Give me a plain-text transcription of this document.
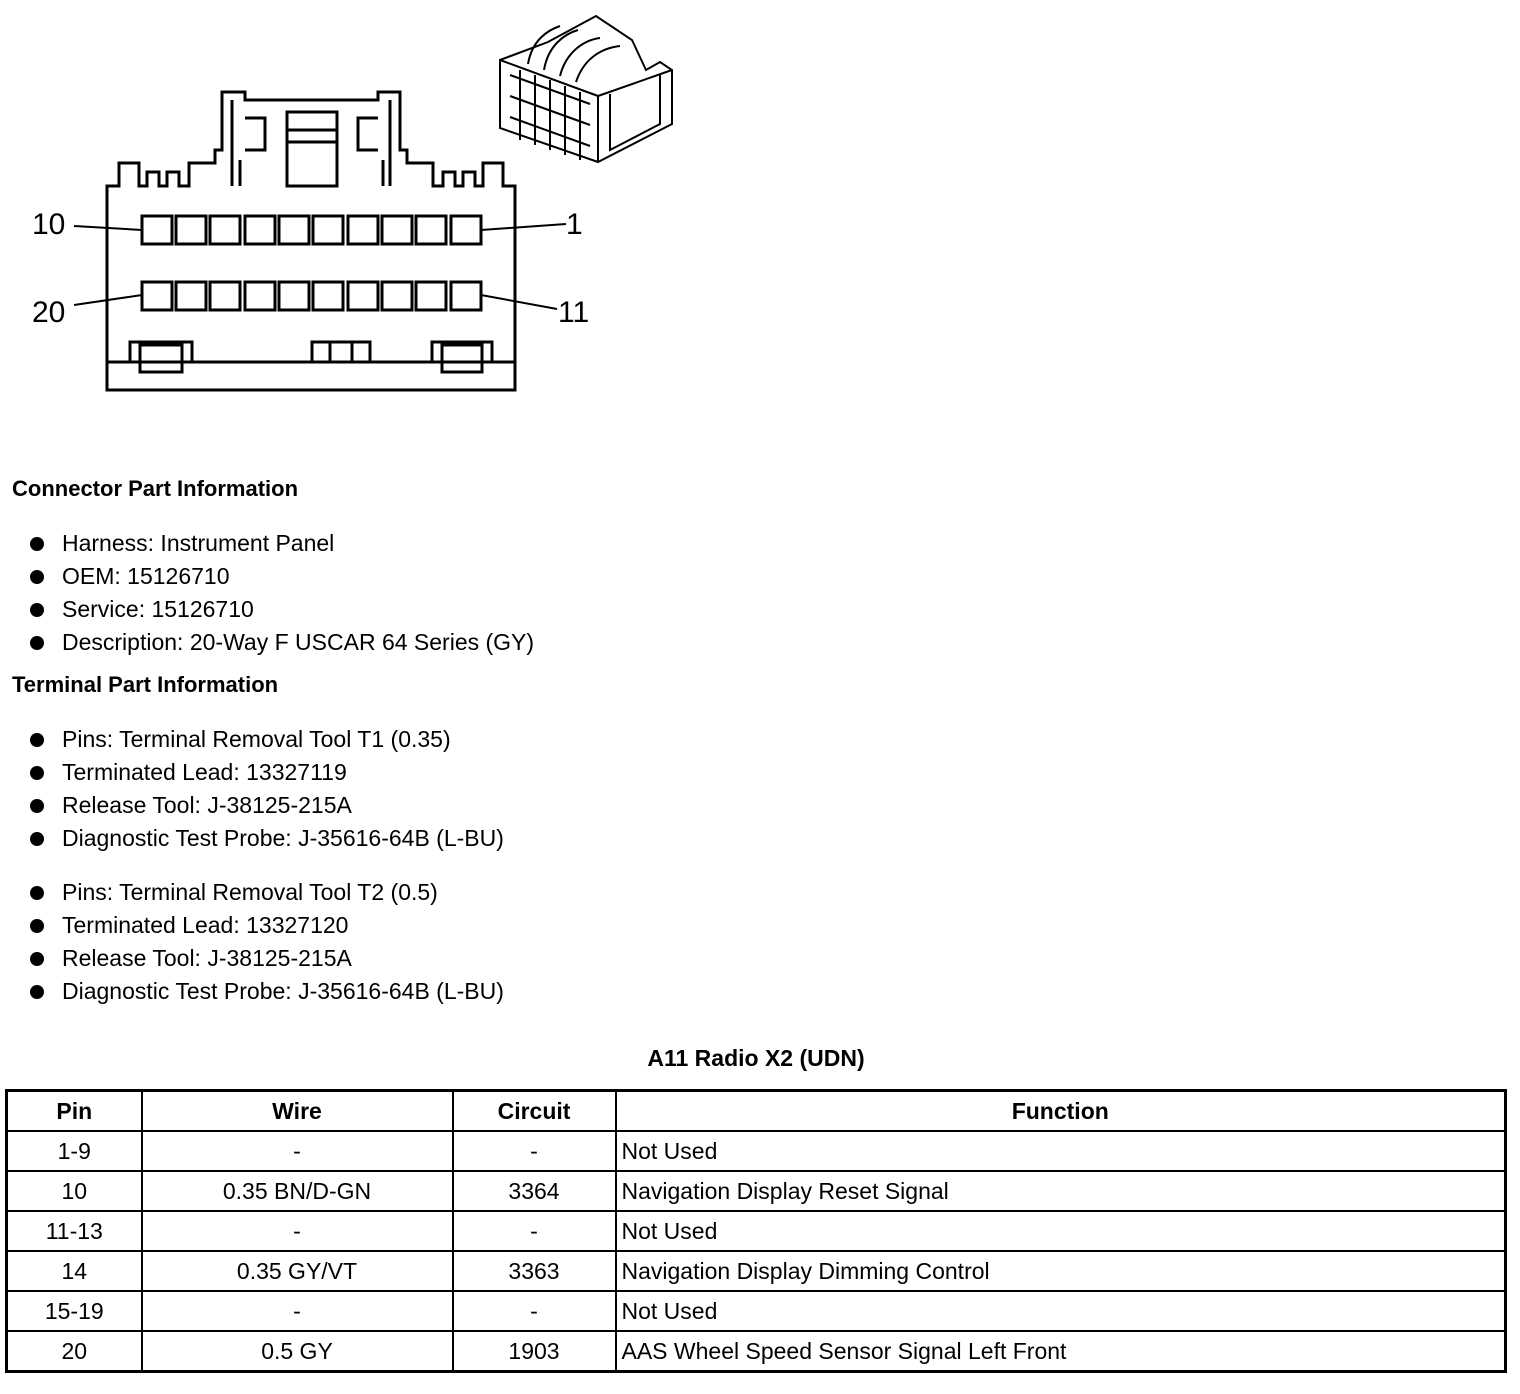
10	1
20	11
Connector Part Information
Harness: Instrument Panel
OEM: 15126710
Service: 15126710
Description: 20-Way F USCAR 64 Series (GY)
Terminal Part Information
Pins: Terminal Removal Tool T1 (0.35)
Terminated Lead: 13327119
Release Tool: J-38125-215A
Diagnostic Test Probe: J-35616-64B (L-BU)
Pins: Terminal Removal Tool T2 (0.5)
Terminated Lead: 13327120
Release Tool: J-38125-215A
Diagnostic Test Probe: J-35616-64B (L-BU)
A11 Radio X2 (UDN)
Pin	Wire	Circuit	Function
1-9	-	-	Not Used
10	0.35 BN/D-GN	3364	Navigation Display Reset Signal
11-13	-	-	Not Used
14	0.35 GY/VT	3363	Navigation Display Dimming Control
15-19	-	-	Not Used
20	0.5 GY	1903	AAS Wheel Speed Sensor Signal Left Front
